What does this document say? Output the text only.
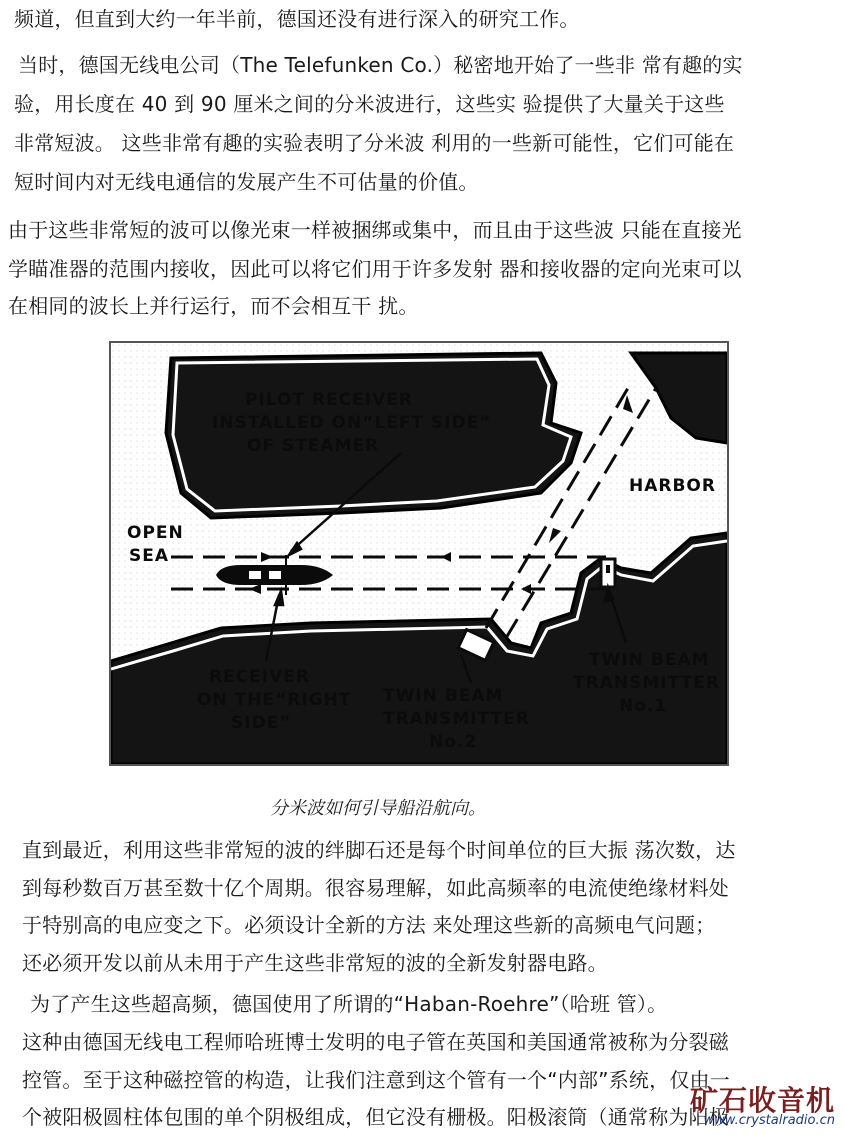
频道，但直到大约一年半前，德国还没有进行深入的研究工作。
当时，德国无线电公司（The Telefunken Co.）秘密地开始了一些非 常有趣的实
验，用长度在 40 到 90 厘米之间的分米波进行，这些实 验提供了大量关于这些
非常短波。 这些非常有趣的实验表明了分米波 利用的一些新可能性，它们可能在
短时间内对无线电通信的发展产生不可估量的价值。
由于这些非常短的波可以像光束一样被捆绑或集中，而且由于这些波 只能在直接光
学瞄准器的范围内接收，因此可以将它们用于许多发射 器和接收器的定向光束可以
在相同的波长上并行运行，而不会相互干 扰。
PILOT RECEIVER
INSTALLED ON“LEFT SIDE”
OF STEAMER
HARBOR
OPEN
SEA
RECEIVER
ON THE“RIGHT
SIDE”
TWIN BEAM
TRANSMITTER
No.2
TWIN BEAM
TRANSMITTER
No.1
分米波如何引导船沿航向。
直到最近，利用这些非常短的波的绊脚石还是每个时间单位的巨大振 荡次数，达
到每秒数百万甚至数十亿个周期。很容易理解，如此高频率的电流使绝缘材料处
于特别高的电应变之下。必须设计全新的方法 来处理这些新的高频电气问题；
还必须开发以前从未用于产生这些非常短的波的全新发射器电路。
为了产生这些超高频，德国使用了所谓的“Haban-Roehre”（哈班 管）。
这种由德国无线电工程师哈班博士发明的电子管在英国和美国通常被称为分裂磁
控管。至于这种磁控管的构造，让我们注意到这个管有一个“内部”系统，仅由一
个被阳极圆柱体包围的单个阴极组成，但它没有栅极。阳极滚筒（通常称为阳极
矿石收音机
www.crystalradio.cn
